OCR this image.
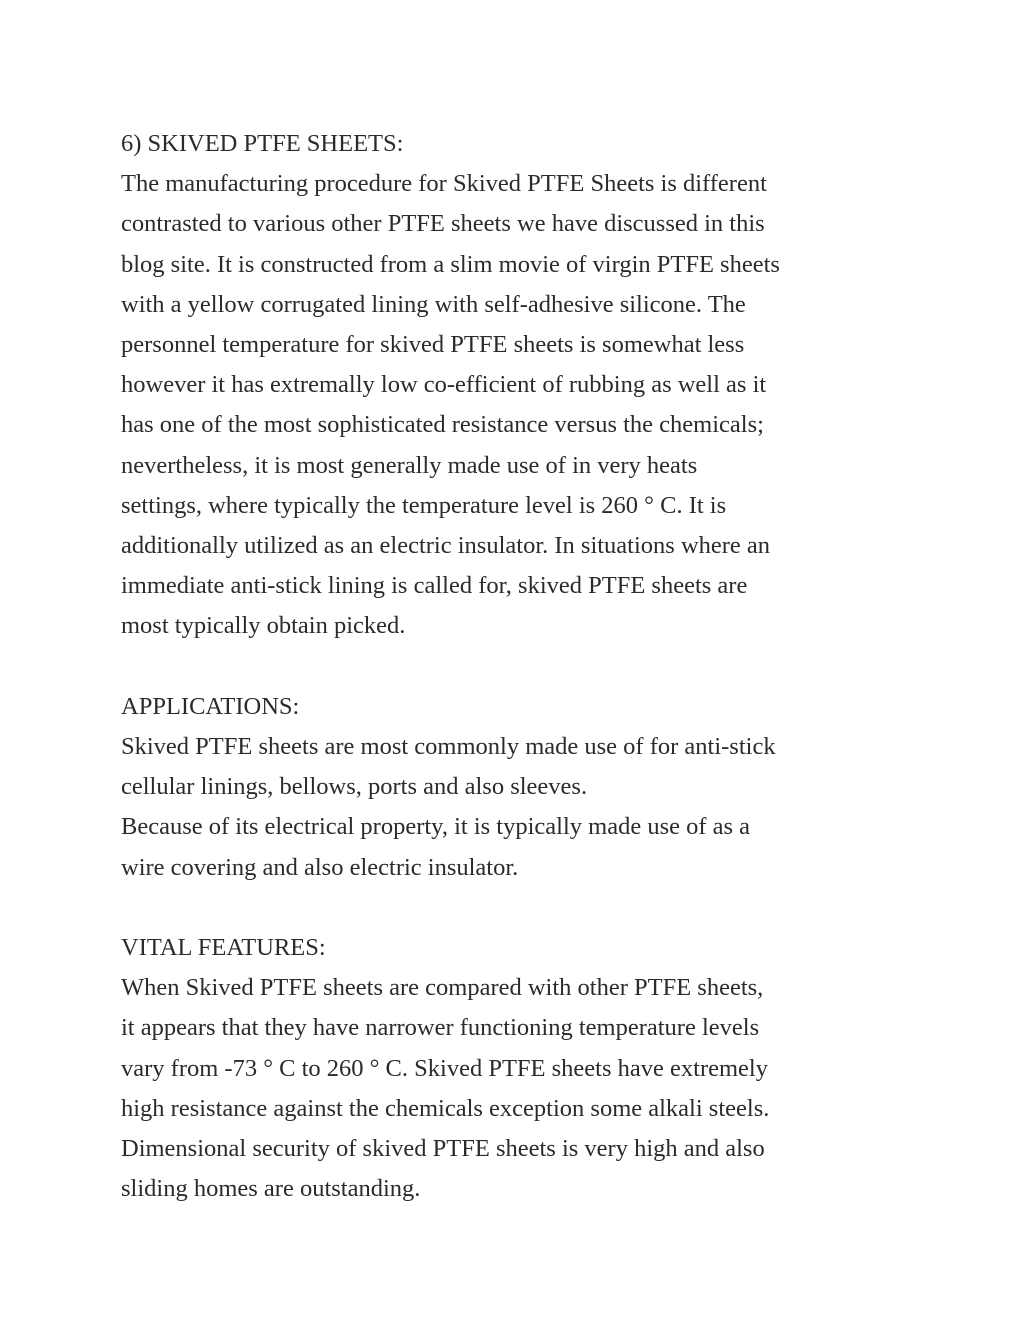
6) SKIVED PTFE SHEETS:
The manufacturing procedure for Skived PTFE Sheets is different
contrasted to various other PTFE sheets we have discussed in this
blog site. It is constructed from a slim movie of virgin PTFE sheets
with a yellow corrugated lining with self-adhesive silicone. The
personnel temperature for skived PTFE sheets is somewhat less
however it has extremally low co-efficient of rubbing as well as it
has one of the most sophisticated resistance versus the chemicals;
nevertheless, it is most generally made use of in very heats
settings, where typically the temperature level is 260 ° C. It is
additionally utilized as an electric insulator. In situations where an
immediate anti-stick lining is called for, skived PTFE sheets are
most typically obtain picked.
APPLICATIONS:
Skived PTFE sheets are most commonly made use of for anti-stick
cellular linings, bellows, ports and also sleeves.
Because of its electrical property, it is typically made use of as a
wire covering and also electric insulator.
VITAL FEATURES:
When Skived PTFE sheets are compared with other PTFE sheets,
it appears that they have narrower functioning temperature levels
vary from -73 ° C to 260 ° C. Skived PTFE sheets have extremely
high resistance against the chemicals exception some alkali steels.
Dimensional security of skived PTFE sheets is very high and also
sliding homes are outstanding.
